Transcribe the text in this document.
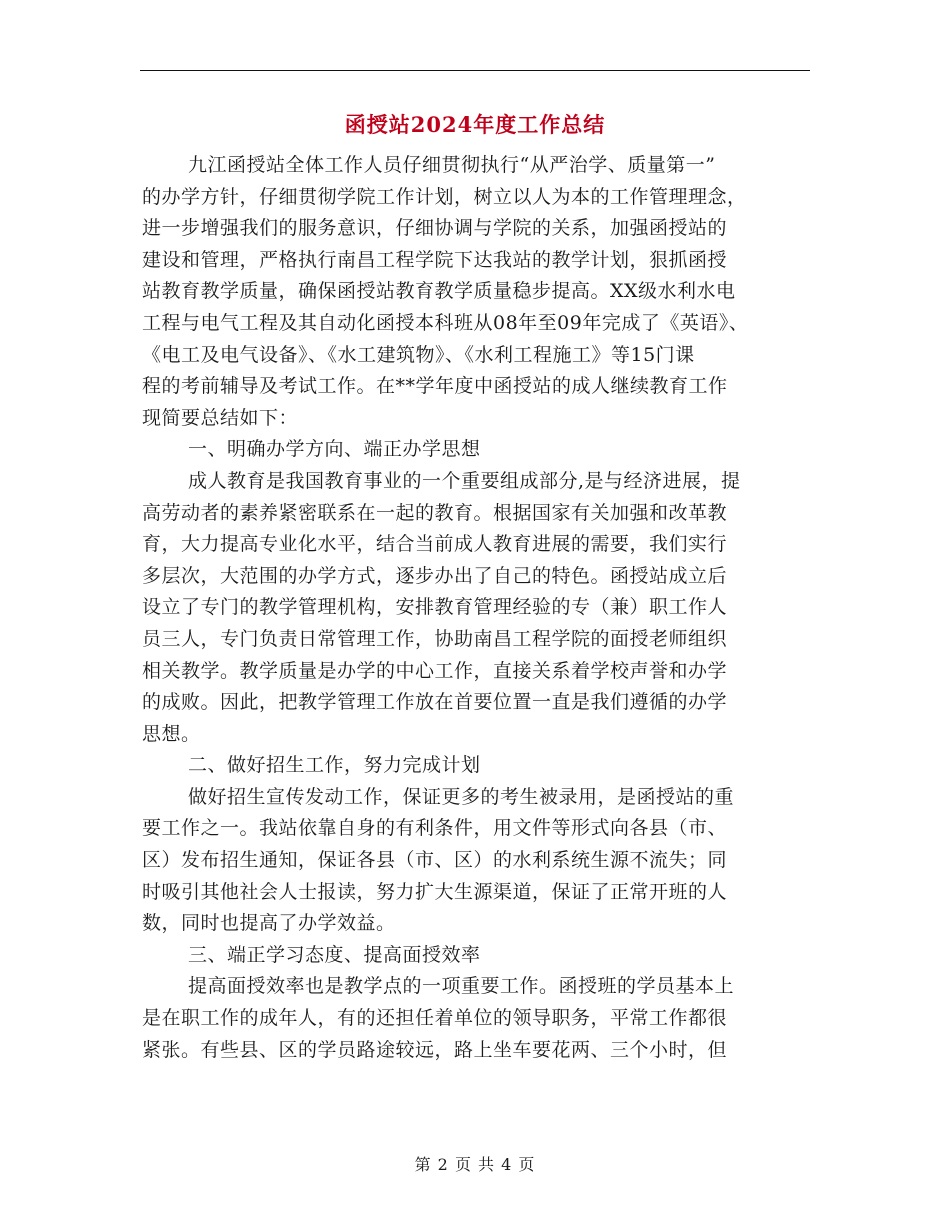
函授站2024年度工作总结
九江函授站全体工作人员仔细贯彻执行“从严治学、质量第一”
的办学方针，仔细贯彻学院工作计划，树立以人为本的工作管理理念，
进一步增强我们的服务意识，仔细协调与学院的关系，加强函授站的
建设和管理，严格执行南昌工程学院下达我站的教学计划，狠抓函授
站教育教学质量，确保函授站教育教学质量稳步提高。XX级水利水电
工程与电气工程及其自动化函授本科班从08年至09年完成了《英语》、
《电工及电气设备》、《水工建筑物》、《水利工程施工》等15门课
程的考前辅导及考试工作。在**学年度中函授站的成人继续教育工作
现简要总结如下：
一、明确办学方向、端正办学思想
成人教育是我国教育事业的一个重要组成部分,是与经济进展，提
高劳动者的素养紧密联系在一起的教育。根据国家有关加强和改革教
育，大力提高专业化水平，结合当前成人教育进展的需要，我们实行
多层次，大范围的办学方式，逐步办出了自己的特色。函授站成立后
设立了专门的教学管理机构，安排教育管理经验的专（兼）职工作人
员三人，专门负责日常管理工作，协助南昌工程学院的面授老师组织
相关教学。教学质量是办学的中心工作，直接关系着学校声誉和办学
的成败。因此，把教学管理工作放在首要位置一直是我们遵循的办学
思想。
二、做好招生工作，努力完成计划
做好招生宣传发动工作，保证更多的考生被录用，是函授站的重
要工作之一。我站依靠自身的有利条件，用文件等形式向各县（市、
区）发布招生通知，保证各县（市、区）的水利系统生源不流失；同
时吸引其他社会人士报读，努力扩大生源渠道，保证了正常开班的人
数，同时也提高了办学效益。
三、端正学习态度、提高面授效率
提高面授效率也是教学点的一项重要工作。函授班的学员基本上
是在职工作的成年人，有的还担任着单位的领导职务，平常工作都很
紧张。有些县、区的学员路途较远，路上坐车要花两、三个小时，但
第 2 页 共 4 页
